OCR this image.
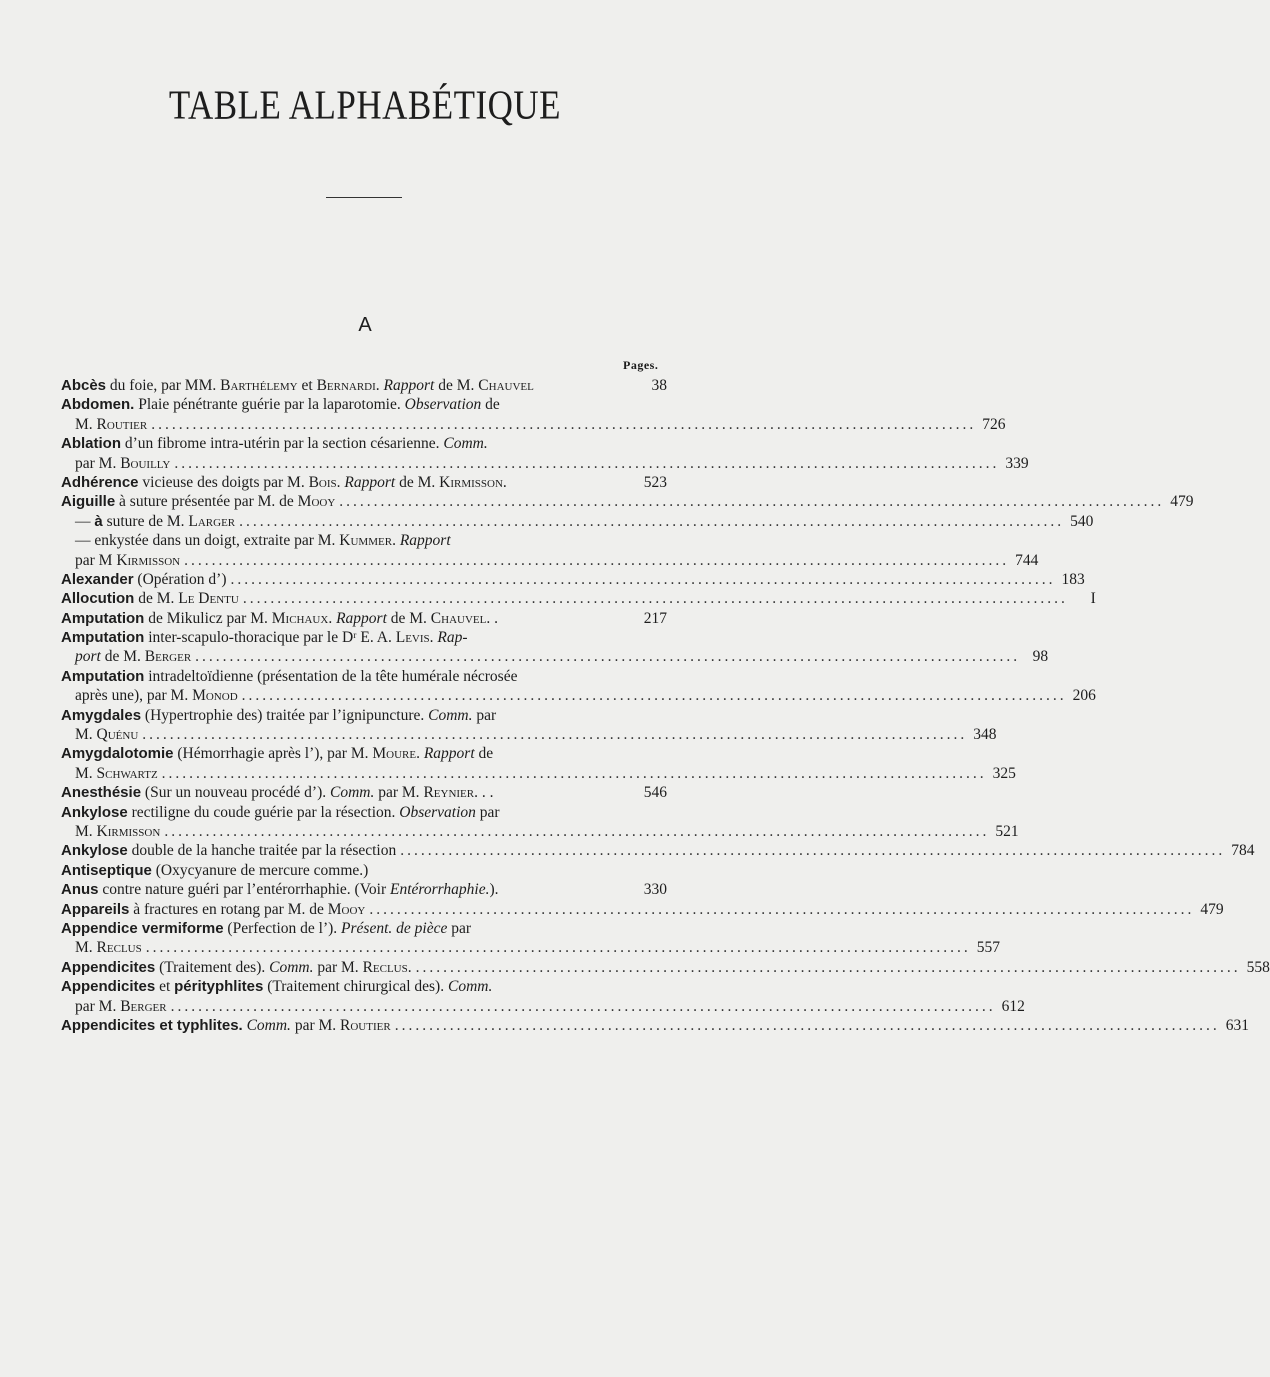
TABLE ALPHABÉTIQUE
A
Pages.
Abcès du foie, par MM. Barthélemy et Bernardi. Rapport de M. Chauvel	38
Abdomen. Plaie pénétrante guérie par la laparotomie. Observation de
M. Routier ........................................................................................................................ 726
Ablation d’un fibrome intra-utérin par la section césarienne. Comm.
par M. Bouilly ........................................................................................................................ 339
Adhérence vicieuse des doigts par M. Bois. Rapport de M. Kirmisson.	523
Aiguille à suture présentée par M. de Mooy ........................................................................................................................ 479
— à suture de M. Larger ........................................................................................................................ 540
— enkystée dans un doigt, extraite par M. Kummer. Rapport
par M Kirmisson ........................................................................................................................ 744
Alexander (Opération d’) ........................................................................................................................ 183
Allocution de M. Le Dentu ........................................................................................................................	I
Amputation de Mikulicz par M. Michaux. Rapport de M. Chauvel. .	217
Amputation inter-scapulo-thoracique par le Dʳ E. A. Levis. Rap-
port de M. Berger ........................................................................................................................ 98
Amputation intradeltoïdienne (présentation de la tête humérale nécrosée
après une), par M. Monod ........................................................................................................................ 206
Amygdales (Hypertrophie des) traitée par l’ignipuncture. Comm. par
M. Quénu ........................................................................................................................ 348
Amygdalotomie (Hémorrhagie après l’), par M. Moure. Rapport de
M. Schwartz ........................................................................................................................ 325
Anesthésie (Sur un nouveau procédé d’). Comm. par M. Reynier. . .	546
Ankylose rectiligne du coude guérie par la résection. Observation par
M. Kirmisson ........................................................................................................................ 521
Ankylose double de la hanche traitée par la résection ........................................................................................................................ 784
Antiseptique (Oxycyanure de mercure comme.)
Anus contre nature guéri par l’entérorrhaphie. (Voir Entérorrhaphie.).	330
Appareils à fractures en rotang par M. de Mooy ........................................................................................................................ 479
Appendice vermiforme (Perfection de l’). Présent. de pièce par
M. Reclus ........................................................................................................................ 557
Appendicites (Traitement des). Comm. par M. Reclus. ........................................................................................................................ 558
Appendicites et pérityphlites (Traitement chirurgical des). Comm.
par M. Berger ........................................................................................................................ 612
Appendicites et typhlites. Comm. par M. Routier ........................................................................................................................ 631
